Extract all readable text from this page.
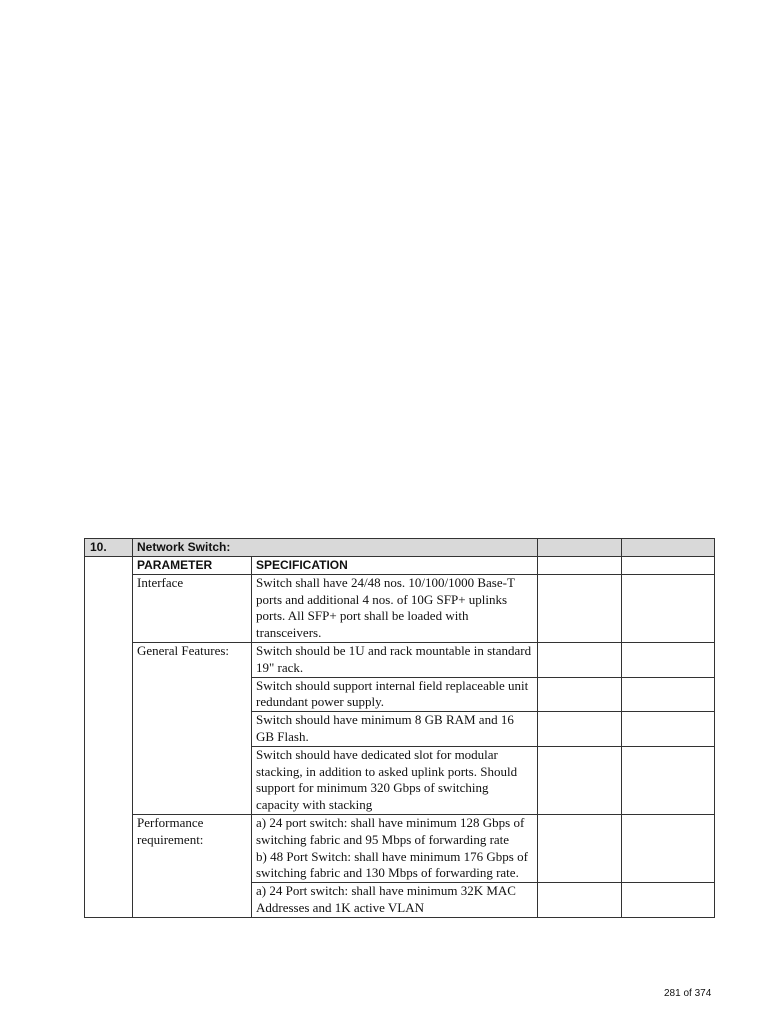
10.	Network Switch:			
	PARAMETER	SPECIFICATION		
	Interface	Switch shall have 24/48 nos. 10/100/1000 Base-T ports and additional 4 nos. of 10G SFP+ uplinks ports. All SFP+ port shall be loaded with transceivers.		
	General Features:	Switch should be 1U and rack mountable in standard 19" rack.		
		Switch should support internal field replaceable unit redundant power supply.		
		Switch should have minimum 8 GB RAM and 16 GB Flash.		
		Switch should have dedicated slot for modular stacking, in addition to asked uplink ports. Should support for minimum 320 Gbps of switching capacity with stacking		
	Performance requirement:	a) 24 port switch: shall have minimum 128 Gbps of switching fabric and 95 Mbps of forwarding rate
b) 48 Port Switch: shall have minimum 176 Gbps of switching fabric and 130 Mbps of forwarding rate.		

		a) 24 Port switch: shall have minimum 32K MAC Addresses and 1K active VLAN		
281 of 374
